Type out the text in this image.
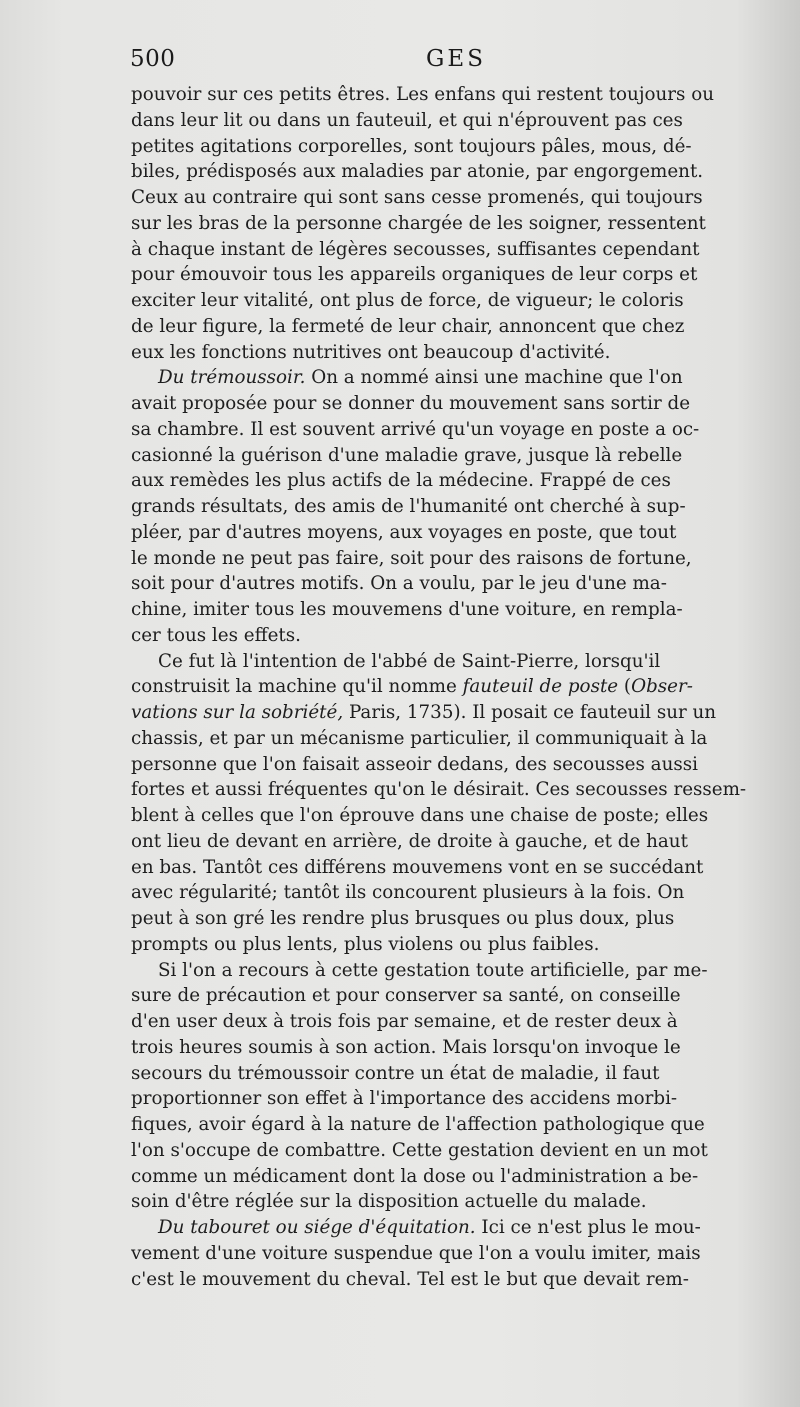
500	GES
pouvoir sur ces petits êtres. Les enfans qui restent toujours ou
dans leur lit ou dans un fauteuil, et qui n'éprouvent pas ces
petites agitations corporelles, sont toujours pâles, mous, dé-
biles, prédisposés aux maladies par atonie, par engorgement.
Ceux au contraire qui sont sans cesse promenés, qui toujours
sur les bras de la personne chargée de les soigner, ressentent
à chaque instant de légères secousses, suffisantes cependant
pour émouvoir tous les appareils organiques de leur corps et
exciter leur vitalité, ont plus de force, de vigueur; le coloris
de leur figure, la fermeté de leur chair, annoncent que chez
eux les fonctions nutritives ont beaucoup d'activité.
Du trémoussoir. On a nommé ainsi une machine que l'on
avait proposée pour se donner du mouvement sans sortir de
sa chambre. Il est souvent arrivé qu'un voyage en poste a oc-
casionné la guérison d'une maladie grave, jusque là rebelle
aux remèdes les plus actifs de la médecine. Frappé de ces
grands résultats, des amis de l'humanité ont cherché à sup-
pléer, par d'autres moyens, aux voyages en poste, que tout
le monde ne peut pas faire, soit pour des raisons de fortune,
soit pour d'autres motifs. On a voulu, par le jeu d'une ma-
chine, imiter tous les mouvemens d'une voiture, en rempla-
cer tous les effets.
Ce fut là l'intention de l'abbé de Saint-Pierre, lorsqu'il
construisit la machine qu'il nomme fauteuil de poste (Obser-
vations sur la sobriété, Paris, 1735). Il posait ce fauteuil sur un
chassis, et par un mécanisme particulier, il communiquait à la
personne que l'on faisait asseoir dedans, des secousses aussi
fortes et aussi fréquentes qu'on le désirait. Ces secousses ressem-
blent à celles que l'on éprouve dans une chaise de poste; elles
ont lieu de devant en arrière, de droite à gauche, et de haut
en bas. Tantôt ces différens mouvemens vont en se succédant
avec régularité; tantôt ils concourent plusieurs à la fois. On
peut à son gré les rendre plus brusques ou plus doux, plus
prompts ou plus lents, plus violens ou plus faibles.
Si l'on a recours à cette gestation toute artificielle, par me-
sure de précaution et pour conserver sa santé, on conseille
d'en user deux à trois fois par semaine, et de rester deux à
trois heures soumis à son action. Mais lorsqu'on invoque le
secours du trémoussoir contre un état de maladie, il faut
proportionner son effet à l'importance des accidens morbi-
fiques, avoir égard à la nature de l'affection pathologique que
l'on s'occupe de combattre. Cette gestation devient en un mot
comme un médicament dont la dose ou l'administration a be-
soin d'être réglée sur la disposition actuelle du malade.
Du tabouret ou siége d'équitation. Ici ce n'est plus le mou-
vement d'une voiture suspendue que l'on a voulu imiter, mais
c'est le mouvement du cheval. Tel est le but que devait rem-
